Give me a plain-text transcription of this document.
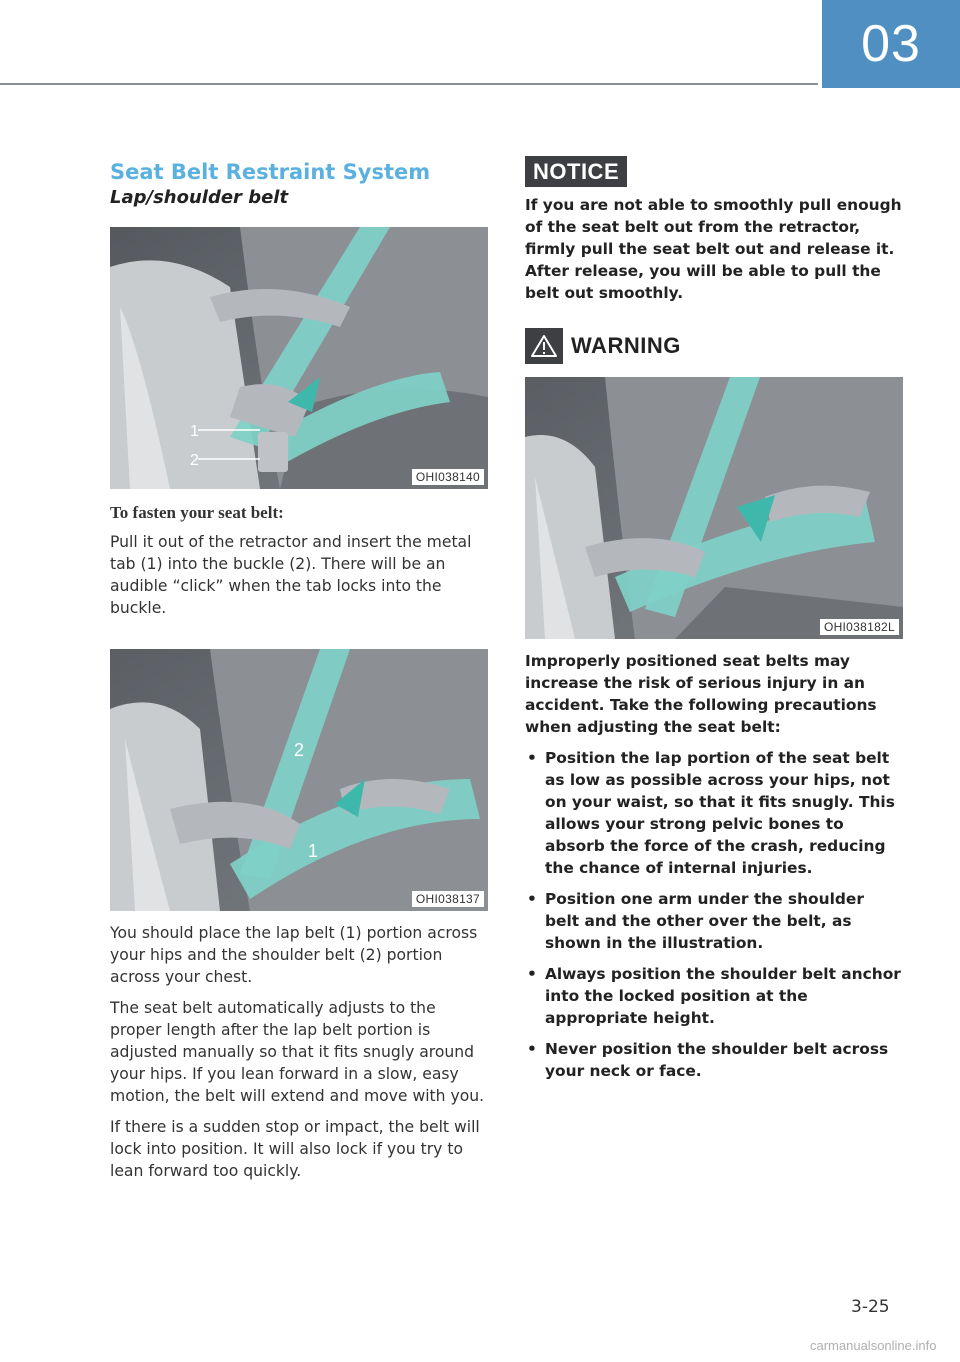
03
Seat Belt Restraint System
Lap/shoulder belt
1
2
OHI038140
To fasten your seat belt:

Pull it out of the retractor and insert the metal tab (1) into the buckle (2). There will be an audible “click” when the tab locks into the buckle.

2
1
OHI038137

You should place the lap belt (1) portion across your hips and the shoulder belt (2) portion across your chest.

The seat belt automatically adjusts to the proper length after the lap belt portion is adjusted manually so that it fits snugly around your hips. If you lean forward in a slow, easy motion, the belt will extend and move with you.

If there is a sudden stop or impact, the belt will lock into position. It will also lock if you try to lean forward too quickly.

NOTICE

If you are not able to smoothly pull enough of the seat belt out from the retractor, firmly pull the seat belt out and release it. After release, you will be able to pull the belt out smoothly.

WARNING
OHI038182L

Improperly positioned seat belts may increase the risk of serious injury in an accident. Take the following precautions when adjusting the seat belt:

• Position the lap portion of the seat belt as low as possible across your hips, not on your waist, so that it fits snugly. This allows your strong pelvic bones to absorb the force of the crash, reducing the chance of internal injuries.
• Position one arm under the shoulder belt and the other over the belt, as shown in the illustration.
• Always position the shoulder belt anchor into the locked position at the appropriate height.
• Never position the shoulder belt across your neck or face.
3-25
carmanualsonline.info
